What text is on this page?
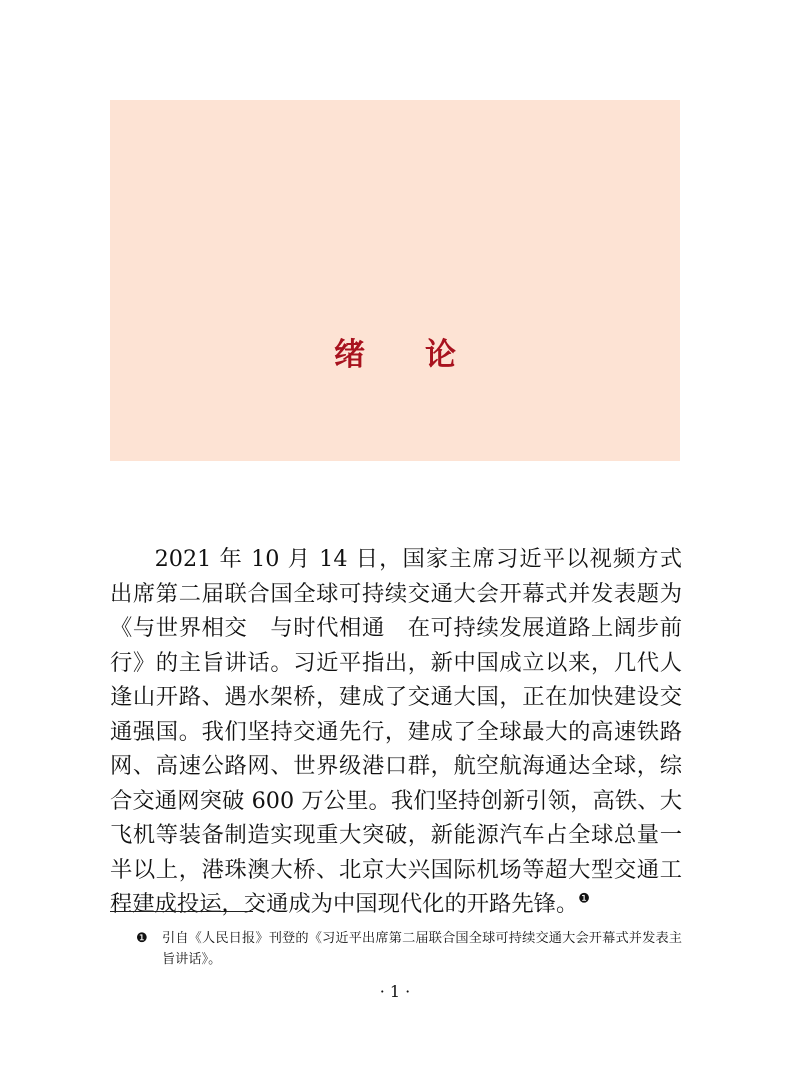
绪 论

2021 年 10 月 14 日，国家主席习近平以视频方式出席第二届联合国全球可持续交通大会开幕式并发表题为《与世界相交　与时代相通　在可持续发展道路上阔步前行》的主旨讲话。习近平指出，新中国成立以来，几代人逢山开路、遇水架桥，建成了交通大国，正在加快建设交通强国。我们坚持交通先行，建成了全球最大的高速铁路网、高速公路网、世界级港口群，航空航海通达全球，综合交通网突破 600 万公里。我们坚持创新引领，高铁、大飞机等装备制造实现重大突破，新能源汽车占全球总量一半以上，港珠澳大桥、北京大兴国际机场等超大型交通工程建成投运，交通成为中国现代化的开路先锋。$^❶$

❶ 引自《人民日报》刊登的《习近平出席第二届联合国全球可持续交通大会开幕式并发表主旨讲话》。
· 1 ·
